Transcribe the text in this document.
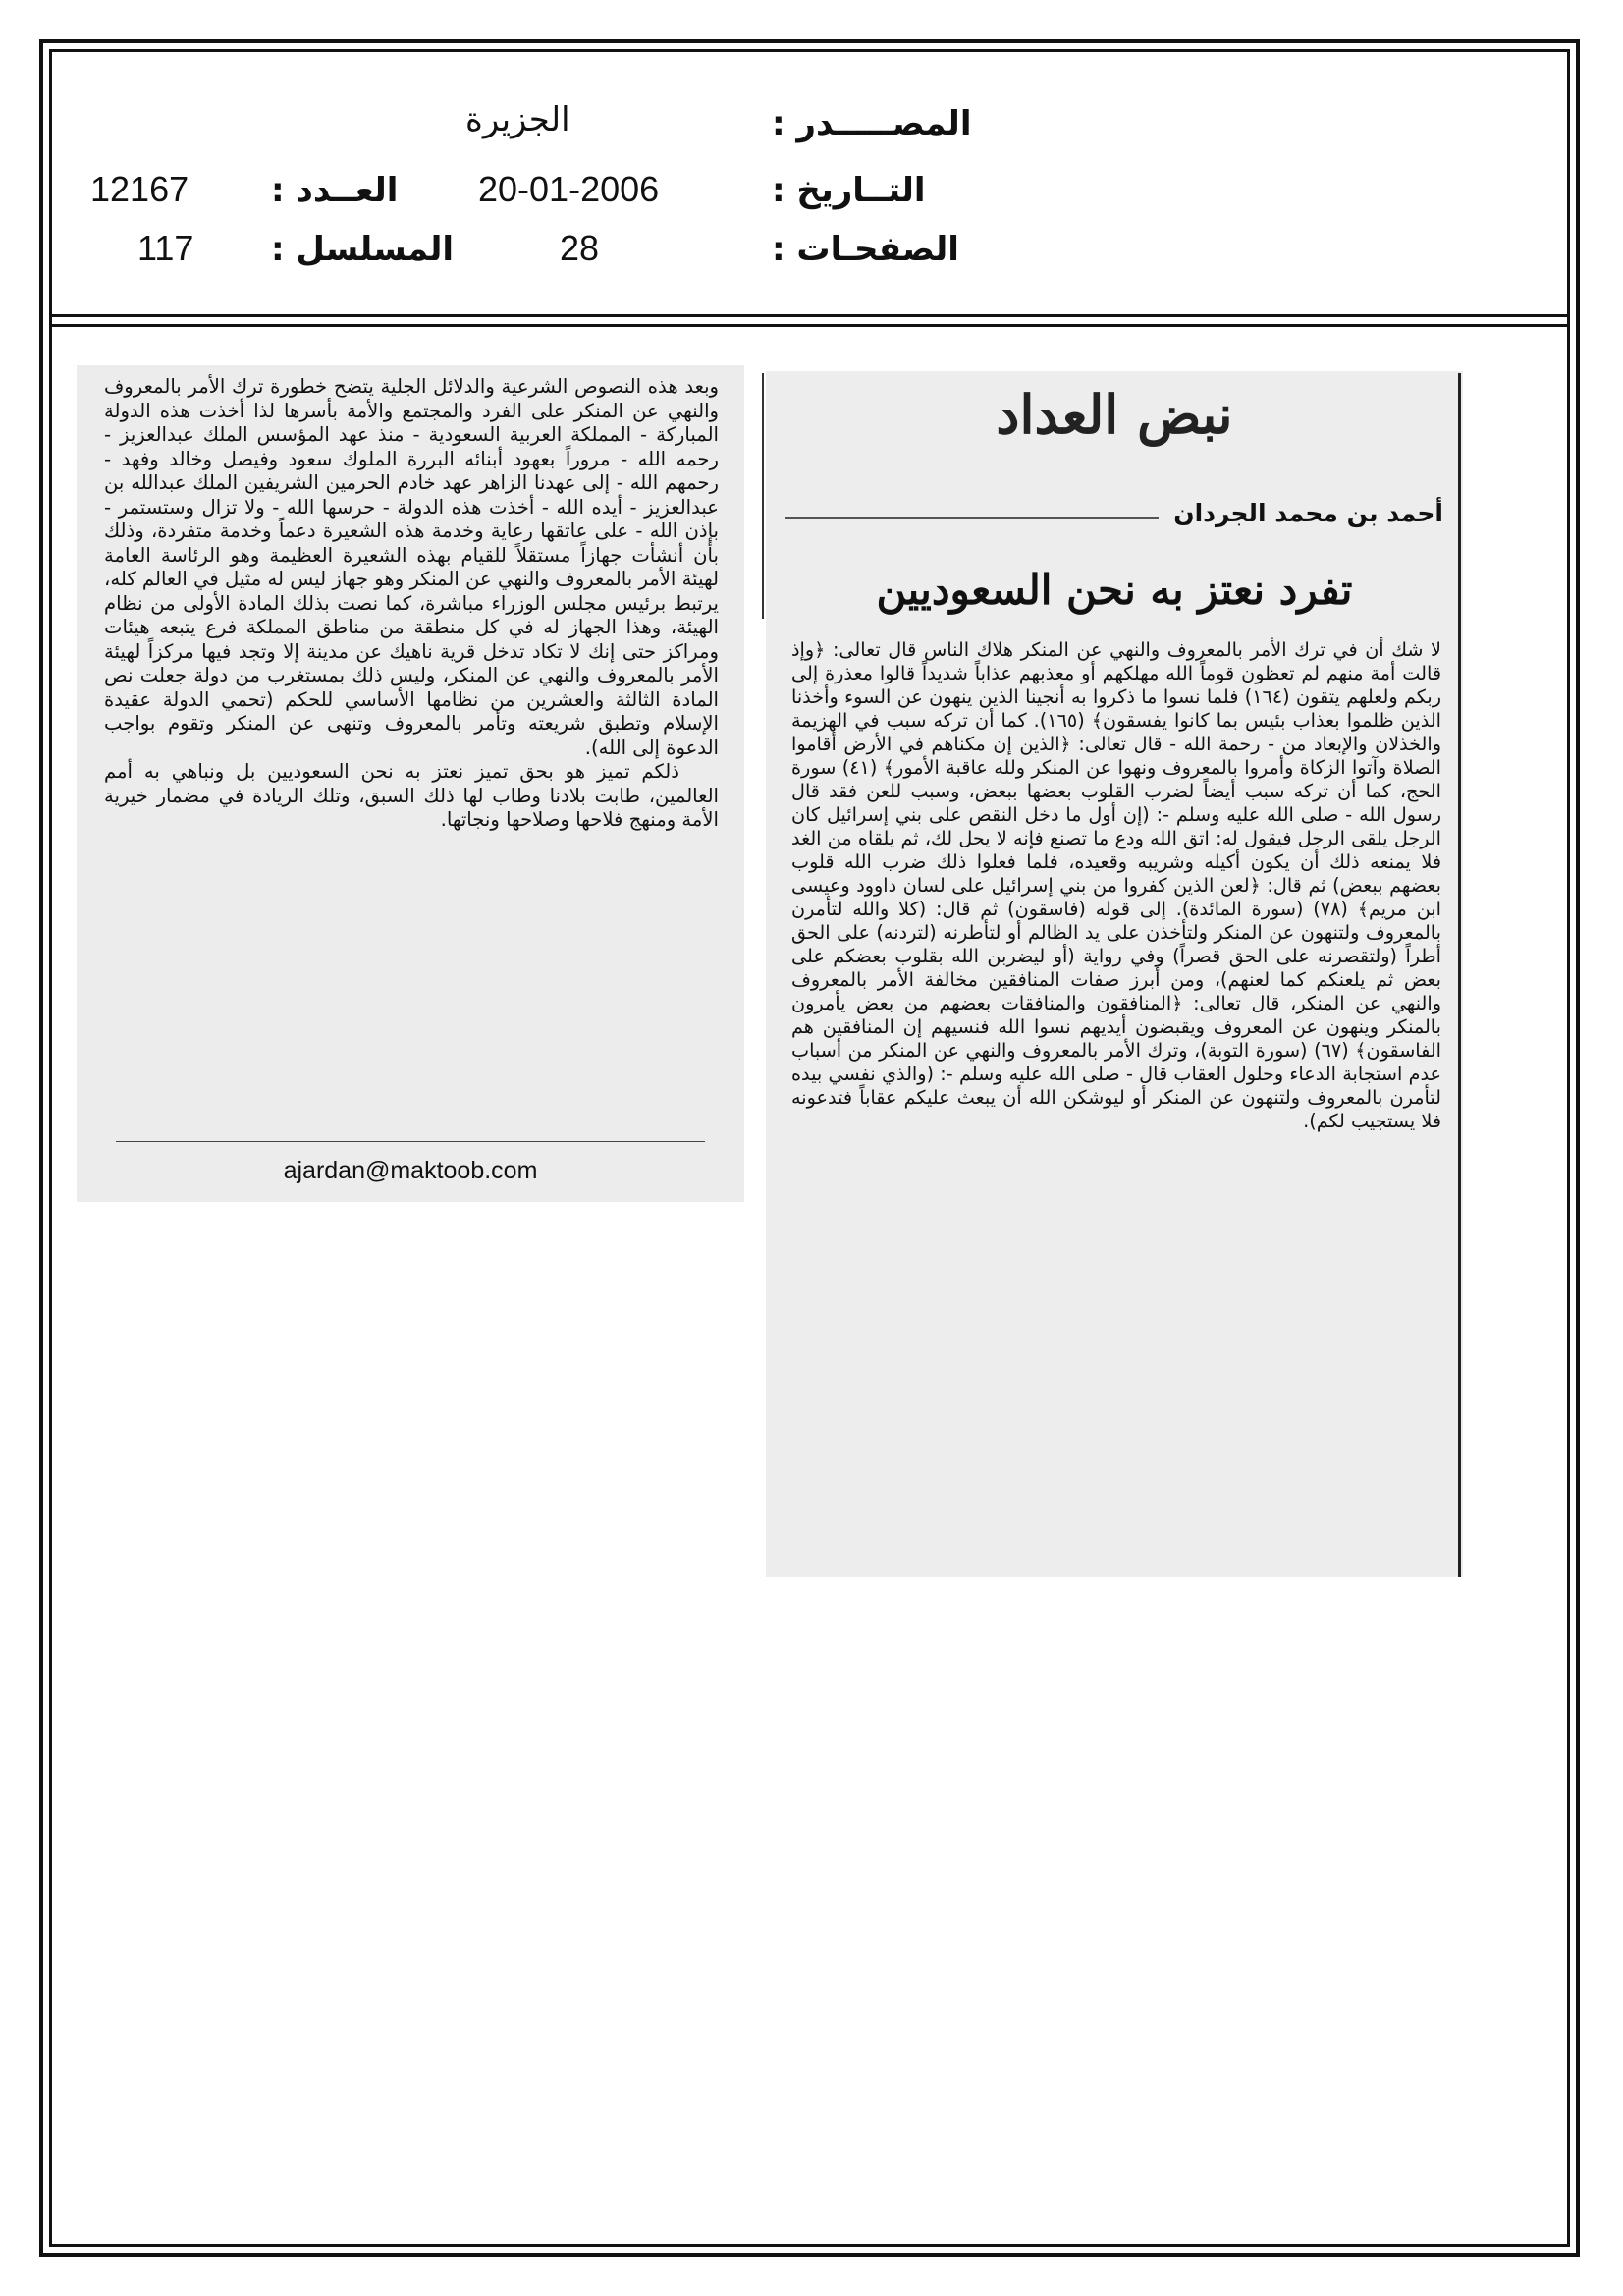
المصـــــدر :
الجزيرة
التــاريخ :
20-01-2006
العــدد :
12167
الصفحـات :
28
المسلسل :
117
نبض العداد
أحمد بن محمد الجردان
تفرد نعتز به نحن السعوديين

لا شك أن في ترك الأمر بالمعروف والنهي عن المنكر هلاك الناس قال تعالى: ﴿وإذ قالت أمة منهم لم تعظون قوماً الله مهلكهم أو معذبهم عذاباً شديداً قالوا معذرة إلى ربكم ولعلهم يتقون (١٦٤) فلما نسوا ما ذكروا به أنجينا الذين ينهون عن السوء وأخذنا الذين ظلموا بعذاب بئيس بما كانوا يفسقون﴾ (١٦٥). كما أن تركه سبب في الهزيمة والخذلان والإبعاد من - رحمة الله - قال تعالى: ﴿الذين إن مكناهم في الأرض أقاموا الصلاة وآتوا الزكاة وأمروا بالمعروف ونهوا عن المنكر ولله عاقبة الأمور﴾ (٤١) سورة الحج، كما أن تركه سبب أيضاً لضرب القلوب بعضها ببعض، وسبب للعن فقد قال رسول الله - صلى الله عليه وسلم -: (إن أول ما دخل النقص على بني إسرائيل كان الرجل يلقى الرجل فيقول له: اتق الله ودع ما تصنع فإنه لا يحل لك، ثم يلقاه من الغد فلا يمنعه ذلك أن يكون أكيله وشريبه وقعيده، فلما فعلوا ذلك ضرب الله قلوب بعضهم ببعض) ثم قال: ﴿لعن الذين كفروا من بني إسرائيل على لسان داوود وعيسى ابن مريم﴾ (٧٨) (سورة المائدة). إلى قوله (فاسقون) ثم قال: (كلا والله لتأمرن بالمعروف ولتنهون عن المنكر ولتأخذن على يد الظالم أو لتأطرنه (لتردنه) على الحق أطراً (ولتقصرنه على الحق قصراً) وفي رواية (أو ليضربن الله بقلوب بعضكم على بعض ثم يلعنكم كما لعنهم)، ومن أبرز صفات المنافقين مخالفة الأمر بالمعروف والنهي عن المنكر، قال تعالى: ﴿المنافقون والمنافقات بعضهم من بعض يأمرون بالمنكر وينهون عن المعروف ويقبضون أيديهم نسوا الله فنسيهم إن المنافقين هم الفاسقون﴾ (٦٧) (سورة التوبة)، وترك الأمر بالمعروف والنهي عن المنكر من أسباب عدم استجابة الدعاء وحلول العقاب قال - صلى الله عليه وسلم -: (والذي نفسي بيده لتأمرن بالمعروف ولتنهون عن المنكر أو ليوشكن الله أن يبعث عليكم عقاباً فتدعونه فلا يستجيب لكم).

وبعد هذه النصوص الشرعية والدلائل الجلية يتضح خطورة ترك الأمر بالمعروف والنهي عن المنكر على الفرد والمجتمع والأمة بأسرها لذا أخذت هذه الدولة المباركة - المملكة العربية السعودية - منذ عهد المؤسس الملك عبدالعزيز - رحمه الله - مروراً بعهود أبنائه البررة الملوك سعود وفيصل وخالد وفهد - رحمهم الله - إلى عهدنا الزاهر عهد خادم الحرمين الشريفين الملك عبدالله بن عبدالعزيز - أيده الله - أخذت هذه الدولة - حرسها الله - ولا تزال وستستمر - بإذن الله - على عاتقها رعاية وخدمة هذه الشعيرة دعماً وخدمة متفردة، وذلك بأن أنشأت جهازاً مستقلاً للقيام بهذه الشعيرة العظيمة وهو الرئاسة العامة لهيئة الأمر بالمعروف والنهي عن المنكر وهو جهاز ليس له مثيل في العالم كله، يرتبط برئيس مجلس الوزراء مباشرة، كما نصت بذلك المادة الأولى من نظام الهيئة، وهذا الجهاز له في كل منطقة من مناطق المملكة فرع يتبعه هيئات ومراكز حتى إنك لا تكاد تدخل قرية ناهيك عن مدينة إلا وتجد فيها مركزاً لهيئة الأمر بالمعروف والنهي عن المنكر، وليس ذلك بمستغرب من دولة جعلت نص المادة الثالثة والعشرين من نظامها الأساسي للحكم (تحمي الدولة عقيدة الإسلام وتطبق شريعته وتأمر بالمعروف وتنهى عن المنكر وتقوم بواجب الدعوة إلى الله).

ذلكم تميز هو بحق تميز نعتز به نحن السعوديين بل ونباهي به أمم العالمين، طابت بلادنا وطاب لها ذلك السبق، وتلك الريادة في مضمار خيرية الأمة ومنهج فلاحها وصلاحها ونجاتها.

ajardan@maktoob.com
